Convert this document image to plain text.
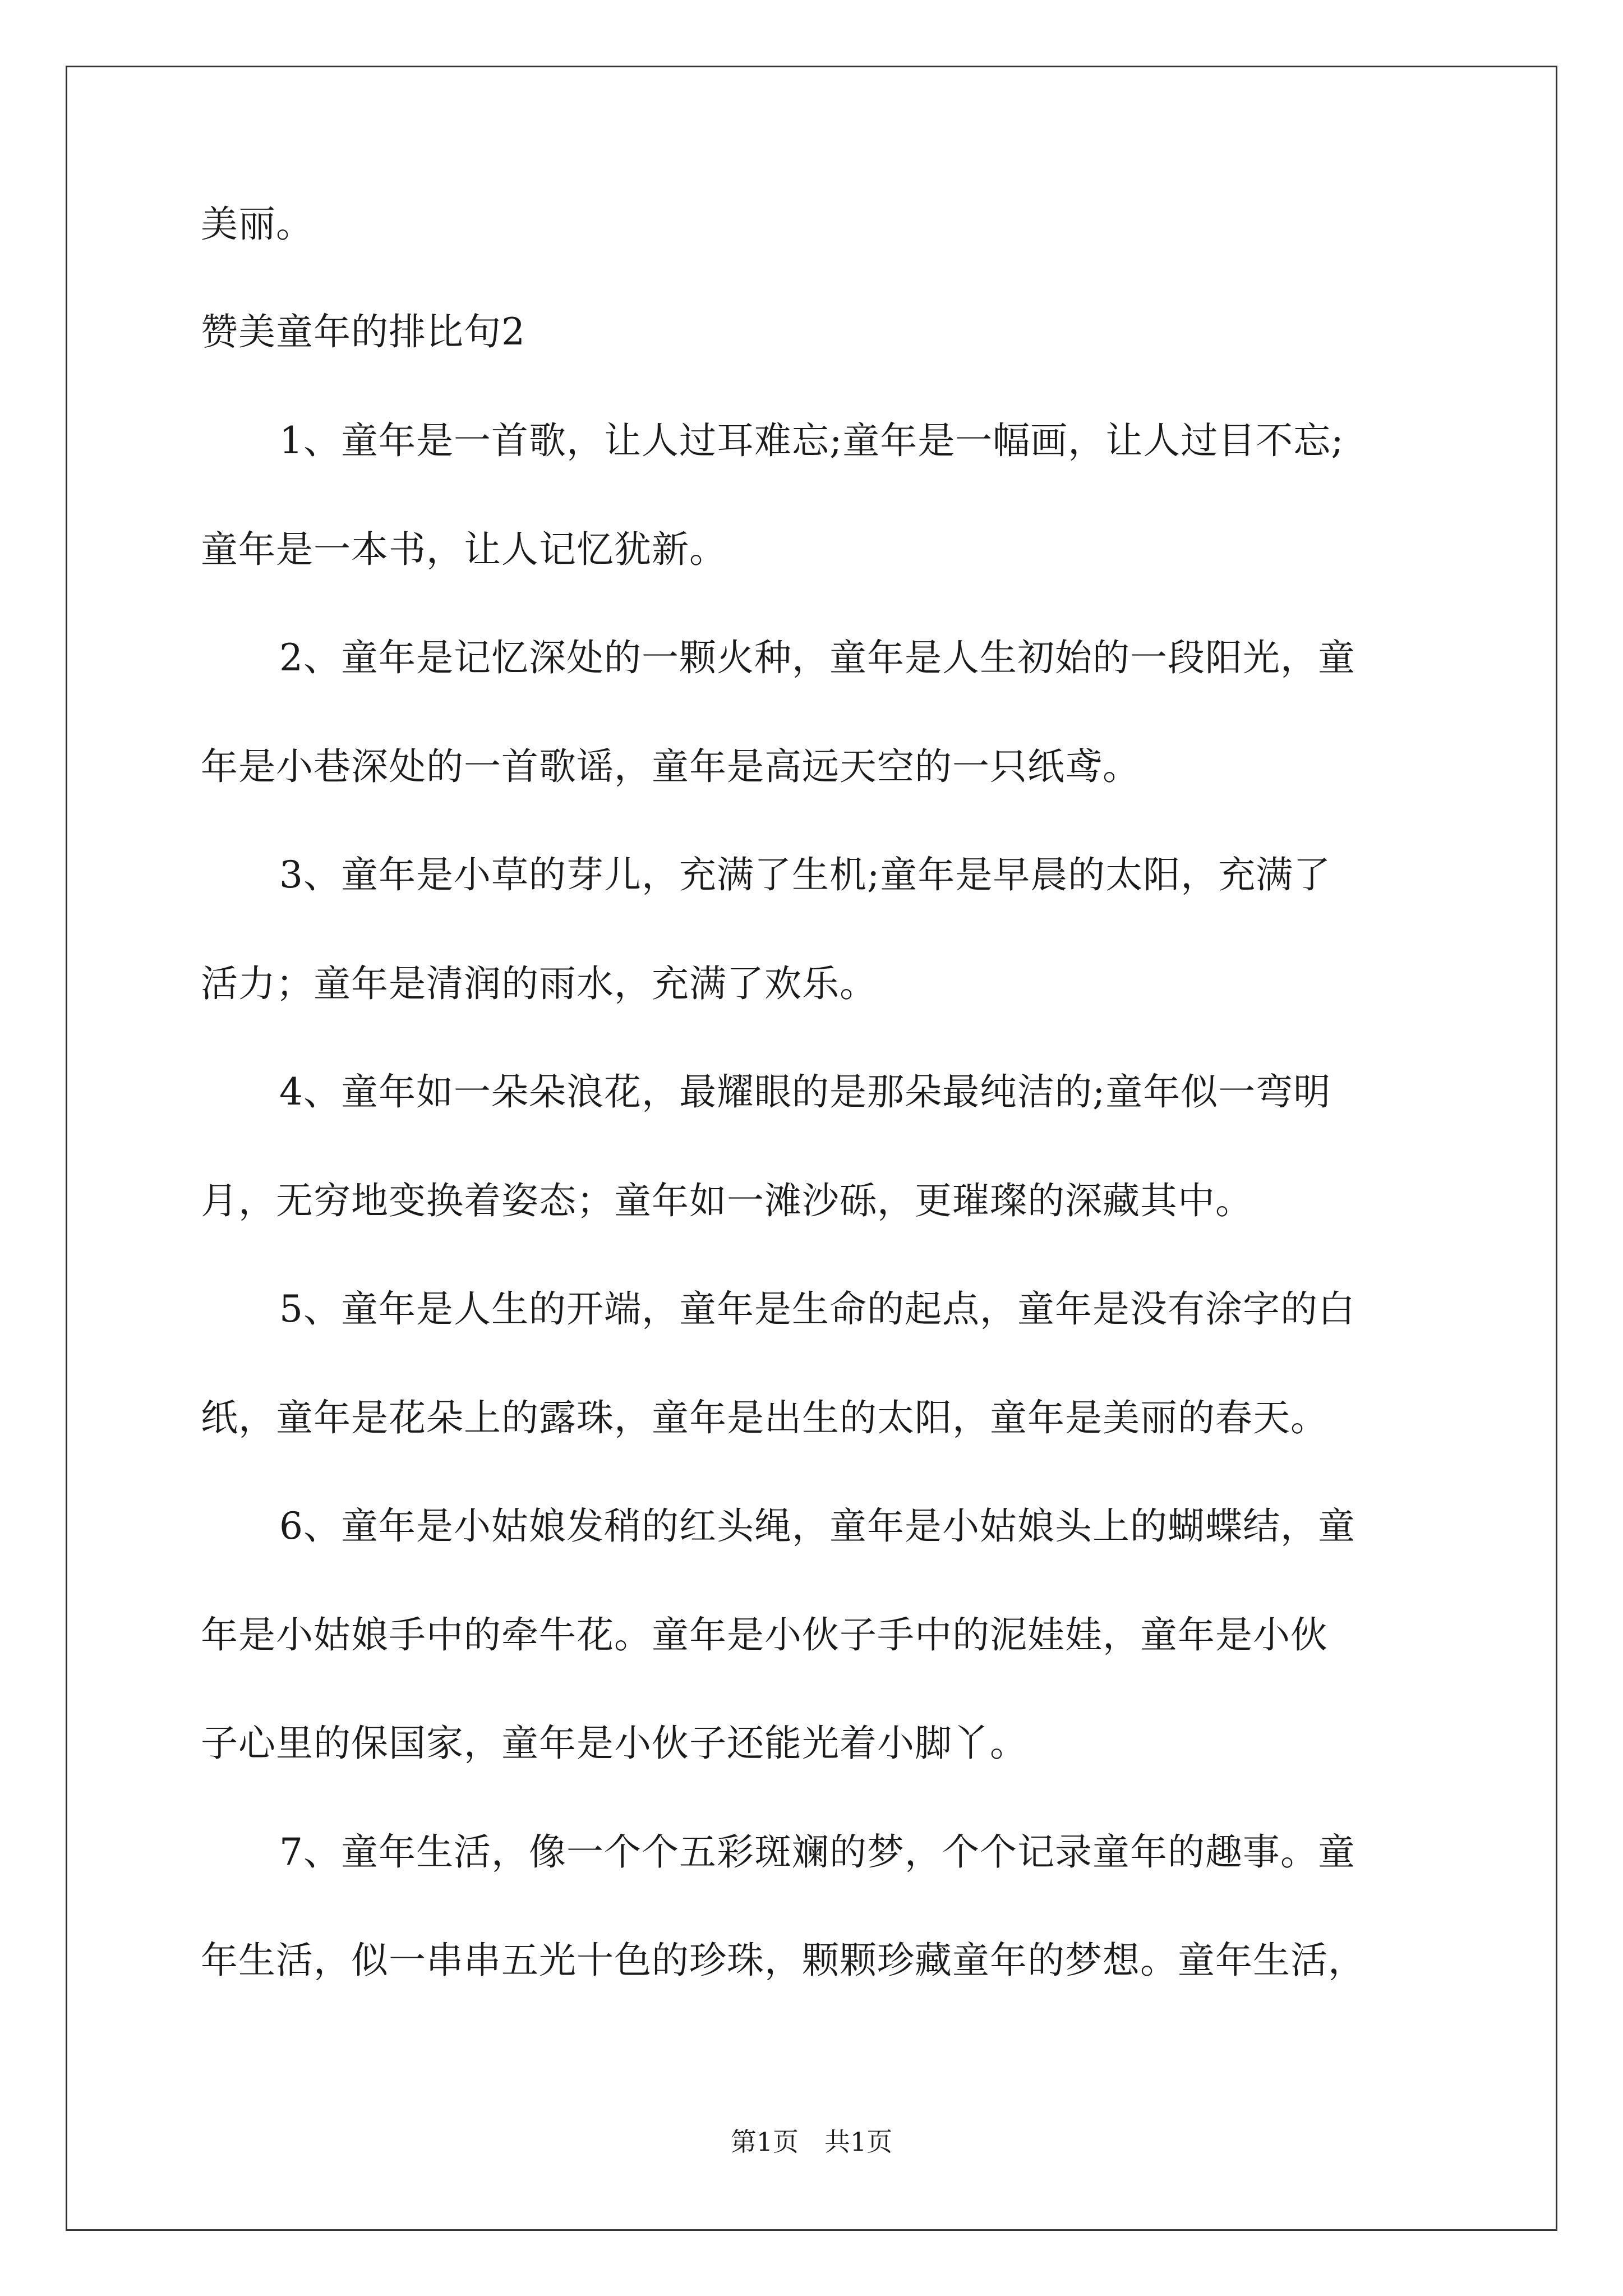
美丽。
赞美童年的排比句2
1、童年是一首歌，让人过耳难忘;童年是一幅画，让人过目不忘;
童年是一本书，让人记忆犹新。
2、童年是记忆深处的一颗火种，童年是人生初始的一段阳光，童
年是小巷深处的一首歌谣，童年是高远天空的一只纸鸢。
3、童年是小草的芽儿，充满了生机;童年是早晨的太阳，充满了
活力；童年是清润的雨水，充满了欢乐。
4、童年如一朵朵浪花，最耀眼的是那朵最纯洁的;童年似一弯明
月，无穷地变换着姿态；童年如一滩沙砾，更璀璨的深藏其中。
5、童年是人生的开端，童年是生命的起点，童年是没有涂字的白
纸，童年是花朵上的露珠，童年是出生的太阳，童年是美丽的春天。
6、童年是小姑娘发稍的红头绳，童年是小姑娘头上的蝴蝶结，童
年是小姑娘手中的牵牛花。童年是小伙子手中的泥娃娃，童年是小伙
子心里的保国家，童年是小伙子还能光着小脚丫。
7、童年生活，像一个个五彩斑斓的梦，个个记录童年的趣事。童
年生活，似一串串五光十色的珍珠，颗颗珍藏童年的梦想。童年生活，
第1页　共1页
